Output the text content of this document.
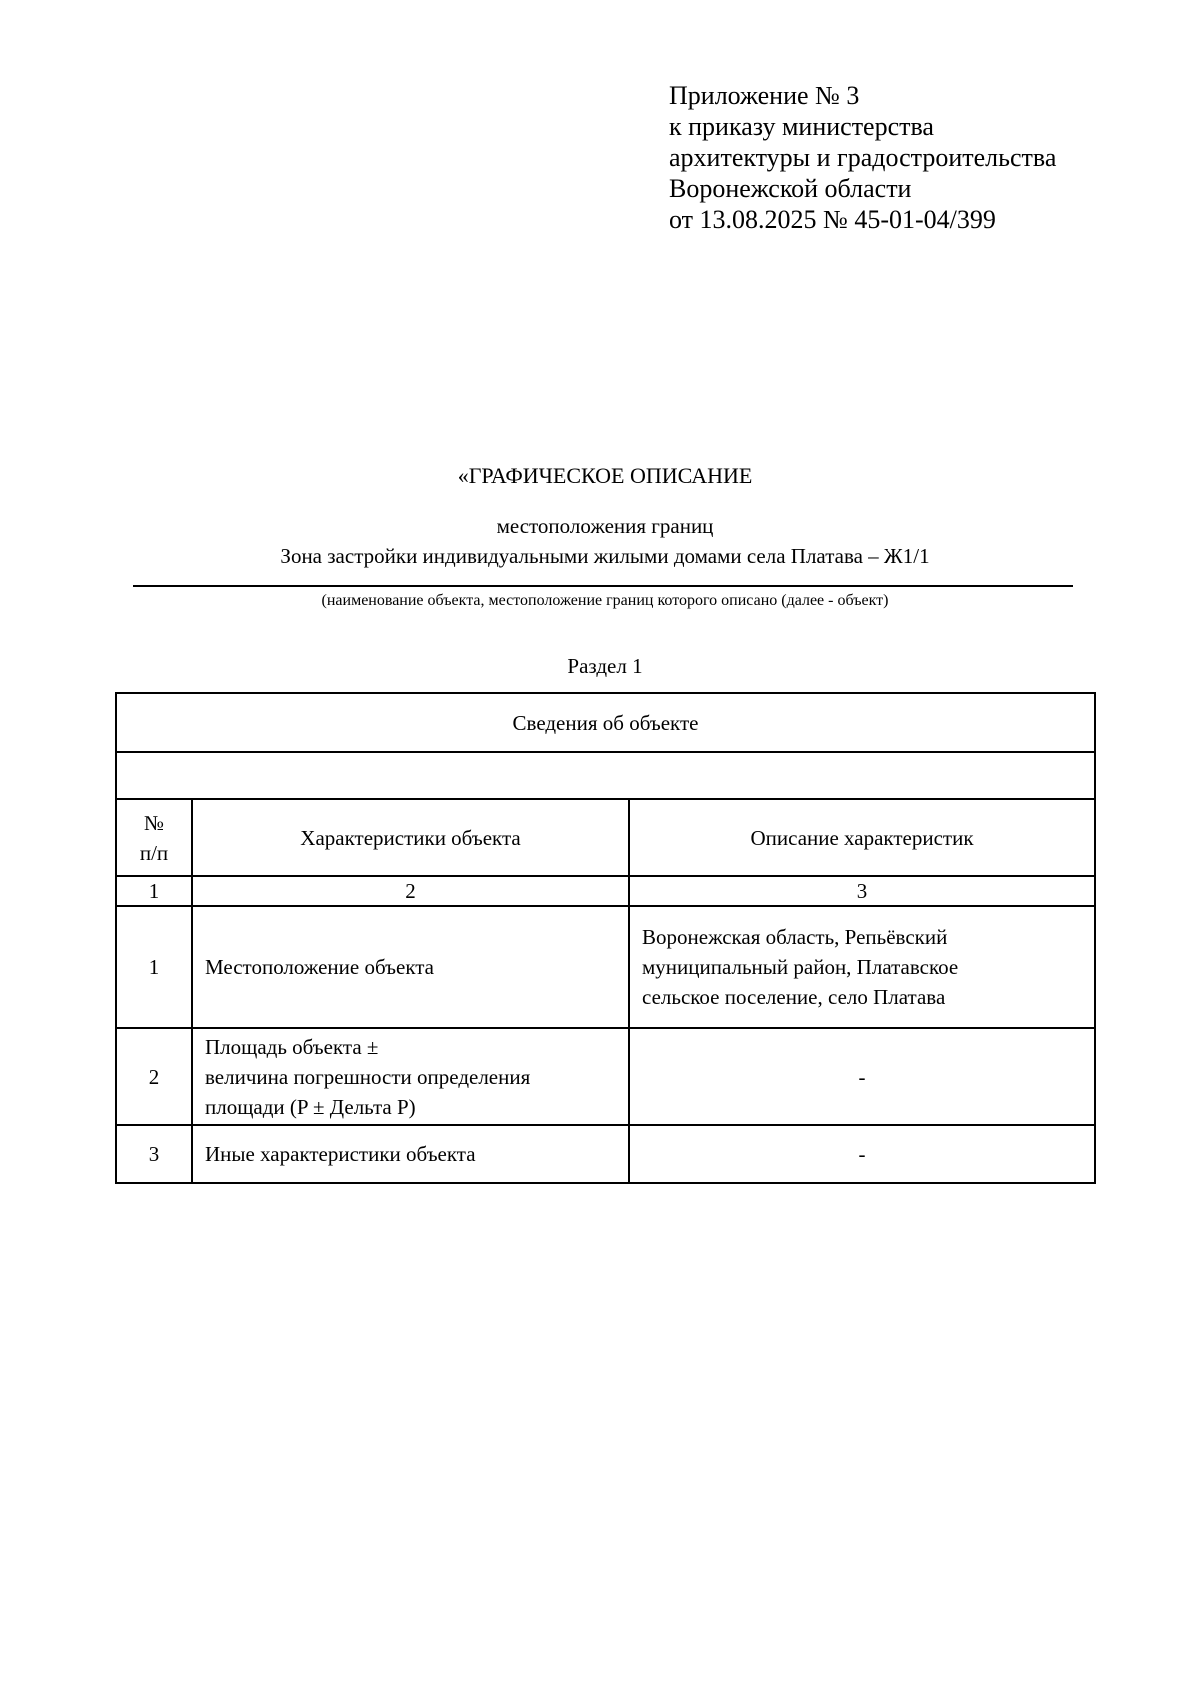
Приложение № 3
к приказу министерства
архитектуры и градостроительства
Воронежской области
от 13.08.2025 № 45-01-04/399
«ГРАФИЧЕСКОЕ ОПИСАНИЕ
местоположения границ
Зона застройки индивидуальными жилыми домами села Платава – Ж1/1
(наименование объекта, местоположение границ которого описано (далее - объект)
Раздел 1
Сведения об объекте		

№
п/п	Характеристики объекта	Описание характеристик
1	2	3
1	Местоположение объекта	Воронежская область, Репьёвский
муниципальный район, Платавское
сельское поселение, село Платава
2	Площадь объекта ±
величина погрешности определения
площади (P ± Дельта P)	-
3	Иные характеристики объекта	-
